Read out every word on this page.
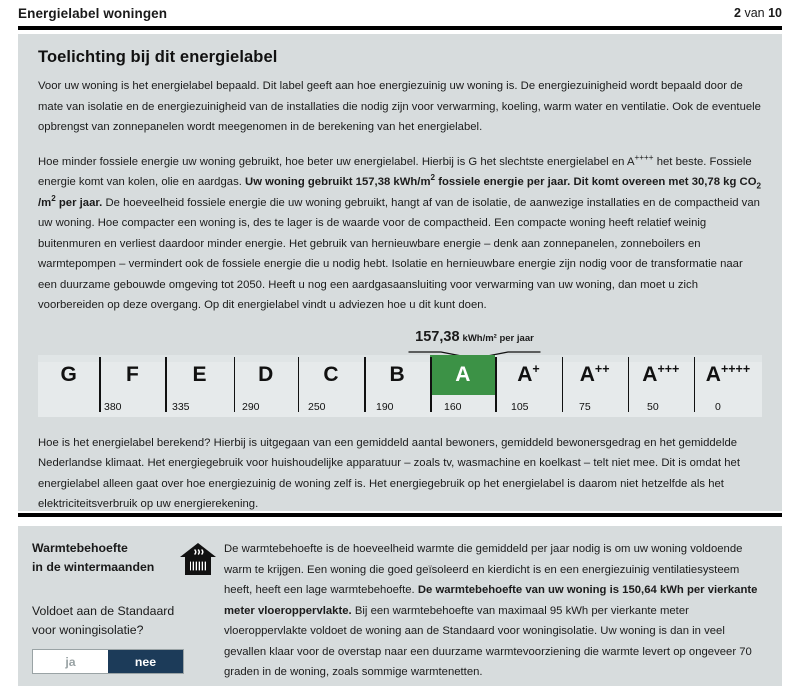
Energielabel woningen	2 van 10
Toelichting bij dit energielabel
Voor uw woning is het energielabel bepaald. Dit label geeft aan hoe energiezuinig uw woning is. De energiezuinigheid wordt bepaald door de mate van isolatie en de energiezuinigheid van de installaties die nodig zijn voor verwarming, koeling, warm water en ventilatie. Ook de eventuele opbrengst van zonnepanelen wordt meegenomen in de berekening van het energielabel.
Hoe minder fossiele energie uw woning gebruikt, hoe beter uw energielabel. Hierbij is G het slechtste energielabel en A++++ het beste. Fossiele energie komt van kolen, olie en aardgas. Uw woning gebruikt 157,38 kWh/$m^2$ fossiele energie per jaar. Dit komt overeen met 30,78 kg $CO_2$ $/m^2$ per jaar. De hoeveelheid fossiele energie die uw woning gebruikt, hangt af van de isolatie, de aanwezige installaties en de compactheid van uw woning. Hoe compacter een woning is, des te lager is de waarde voor de compactheid. Een compacte woning heeft relatief weinig buitenmuren en verliest daardoor minder energie. Het gebruik van hernieuwbare energie – denk aan zonnepanelen, zonneboilers en warmtepompen – vermindert ook de fossiele energie die u nodig hebt. Isolatie en hernieuwbare energie zijn nodig voor de transformatie naar een duurzame gebouwde omgeving tot 2050. Heeft u nog een aardgasaansluiting voor verwarming van uw woning, dan moet u zich voorbereiden op deze overgang. Op dit energielabel vindt u adviezen hoe u dit kunt doen.
157,38 kWh/m² per jaar
G F	E D C B A A+ A++ A+++ A++++
380	335	290	250	190	160	105	75	50	0
Hoe is het energielabel berekend? Hierbij is uitgegaan van een gemiddeld aantal bewoners, gemiddeld bewonersgedrag en het gemiddelde Nederlandse klimaat. Het energiegebruik voor huishoudelijke apparatuur – zoals tv, wasmachine en koelkast – telt niet mee. Dit is omdat het energielabel alleen gaat over hoe energiezuinig de woning zelf is. Het energiegebruik op het energielabel is daarom niet hetzelfde als het elektriciteitsverbruik op uw energierekening.
Warmtebehoefte
in de wintermaanden
Voldoet aan de Standaard
voor woningisolatie?
ja	nee
De warmtebehoefte is de hoeveelheid warmte die gemiddeld per jaar nodig is om uw woning voldoende warm te krijgen. Een woning die goed geïsoleerd en kierdicht is en een energiezuinig ventilatiesysteem heeft, heeft een lage warmtebehoefte. De warmtebehoefte van uw woning is 150,64 kWh per vierkante meter vloeroppervlakte. Bij een warmtebehoefte van maximaal 95 kWh per vierkante meter vloeroppervlakte voldoet de woning aan de Standaard voor woningisolatie. Uw woning is dan in veel gevallen klaar voor de overstap naar een duurzame warmtevoorziening die warmte levert op ongeveer 70 graden in de woning, zoals sommige warmtenetten.
